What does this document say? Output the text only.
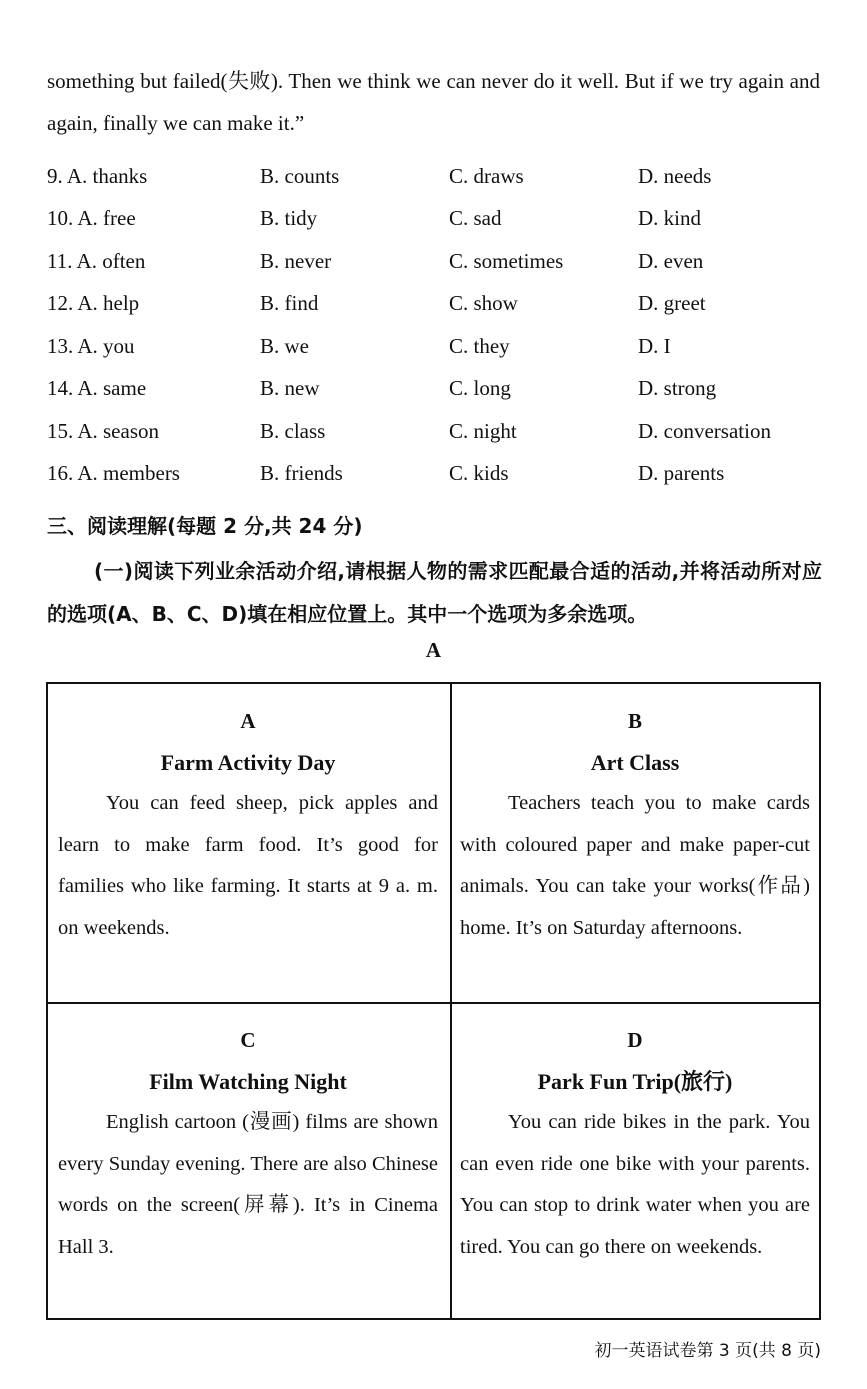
something but failed(失败). Then we think we can never do it well. But if we try again and again, finally we can make it.”
9. A. thanks	B. counts	C. draws	D. needs
10. A. free	B. tidy	C. sad	D. kind
11. A. often	B. never	C. sometimes	D. even
12. A. help	B. find	C. show	D. greet
13. A. you	B. we	C. they	D. I
14. A. same	B. new	C. long	D. strong
15. A. season	B. class	C. night	D. conversation
16. A. members	B. friends	C. kids	D. parents
三、阅读理解(每题 2 分,共 24 分)
(一)阅读下列业余活动介绍,请根据人物的需求匹配最合适的活动,并将活动所对应的选项(A、B、C、D)填在相应位置上。其中一个选项为多余选项。
A
A
Farm Activity Day
You can feed sheep, pick apples and learn to make farm food. It’s good for families who like farming. It starts at 9 a. m. on weekends.
B
Art Class
Teachers teach you to make cards with coloured paper and make paper-cut animals. You can take your works(作品) home. It’s on Saturday afternoons.
C
Film Watching Night
English cartoon (漫画) films are shown every Sunday evening. There are also Chinese words on the screen(屏幕). It’s in Cinema Hall 3.
D
Park Fun Trip(旅行)
You can ride bikes in the park. You can even ride one bike with your parents. You can stop to drink water when you are tired. You can go there on weekends.
初一英语试卷第 3 页(共 8 页)
